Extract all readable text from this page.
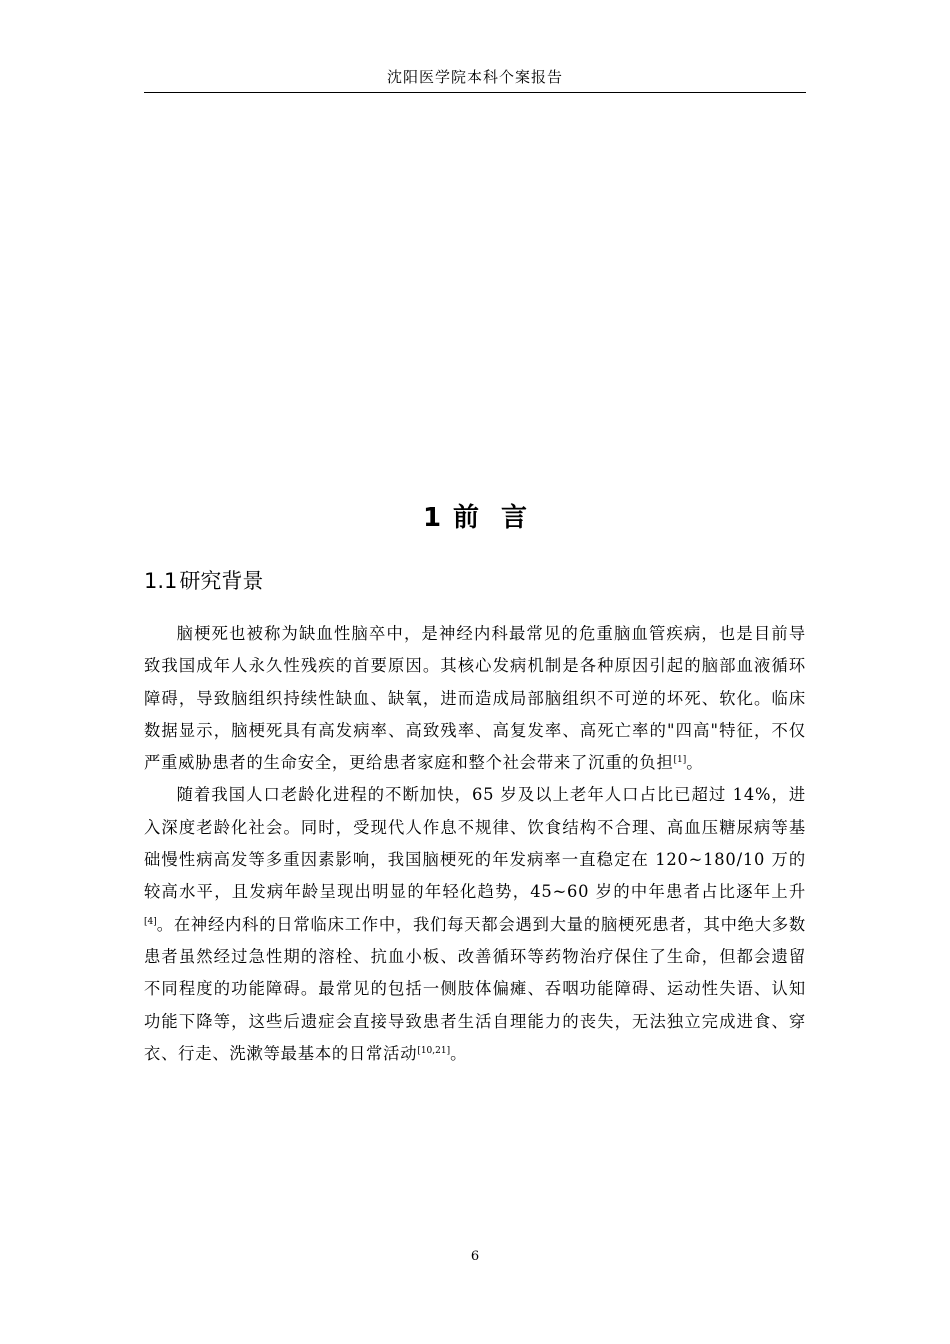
沈阳医学院本科个案报告
1 前言
1.1研究背景

脑梗死也被称为缺血性脑卒中，是神经内科最常见的危重脑血管疾病，也是目前导致我国成年人永久性残疾的首要原因。其核心发病机制是各种原因引起的脑部血液循环障碍，导致脑组织持续性缺血、缺氧，进而造成局部脑组织不可逆的坏死、软化。临床数据显示，脑梗死具有高发病率、高致残率、高复发率、高死亡率的"四高"特征，不仅严重威胁患者的生命安全，更给患者家庭和整个社会带来了沉重的负担[1]。

随着我国人口老龄化进程的不断加快，65 岁及以上老年人口占比已超过 14%，进入深度老龄化社会。同时，受现代人作息不规律、饮食结构不合理、高血压糖尿病等基础慢性病高发等多重因素影响，我国脑梗死的年发病率一直稳定在 120~180/10 万的较高水平，且发病年龄呈现出明显的年轻化趋势，45~60 岁的中年患者占比逐年上升[4]。在神经内科的日常临床工作中，我们每天都会遇到大量的脑梗死患者，其中绝大多数患者虽然经过急性期的溶栓、抗血小板、改善循环等药物治疗保住了生命，但都会遗留不同程度的功能障碍。最常见的包括一侧肢体偏瘫、吞咽功能障碍、运动性失语、认知功能下降等，这些后遗症会直接导致患者生活自理能力的丧失，无法独立完成进食、穿衣、行走、洗漱等最基本的日常活动[10,21]。

6
